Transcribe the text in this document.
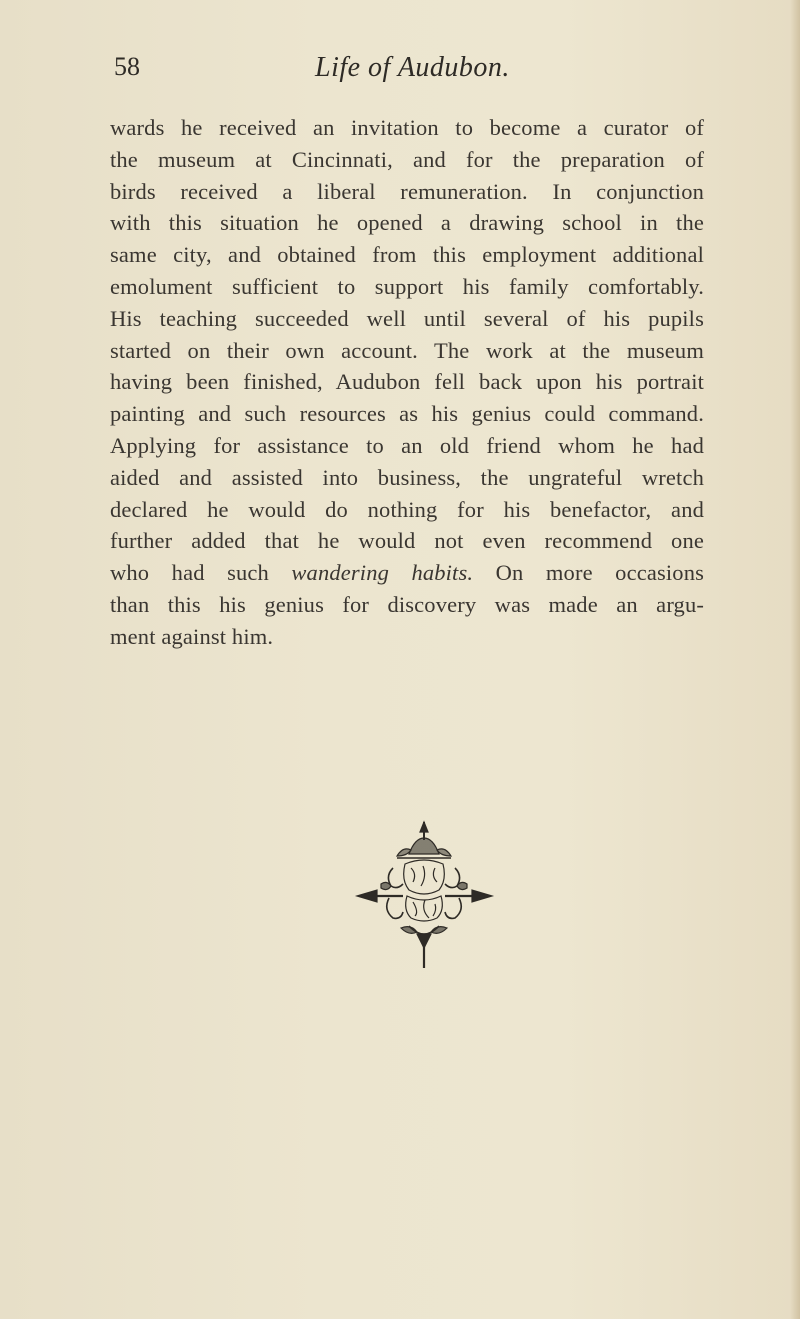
58	Life of Audubon.
wards he received an invitation to become a curator of
the museum at Cincinnati, and for the preparation of
birds received a liberal remuneration. In conjunction
with this situation he opened a drawing school in the
same city, and obtained from this employment additional
emolument sufficient to support his family comfortably.
His teaching succeeded well until several of his pupils
started on their own account. The work at the museum
having been finished, Audubon fell back upon his portrait
painting and such resources as his genius could command.
Applying for assistance to an old friend whom he had
aided and assisted into business, the ungrateful wretch
declared he would do nothing for his benefactor, and
further added that he would not even recommend one
who had such wandering habits. On more occasions
than this his genius for discovery was made an argu-
ment against him.
